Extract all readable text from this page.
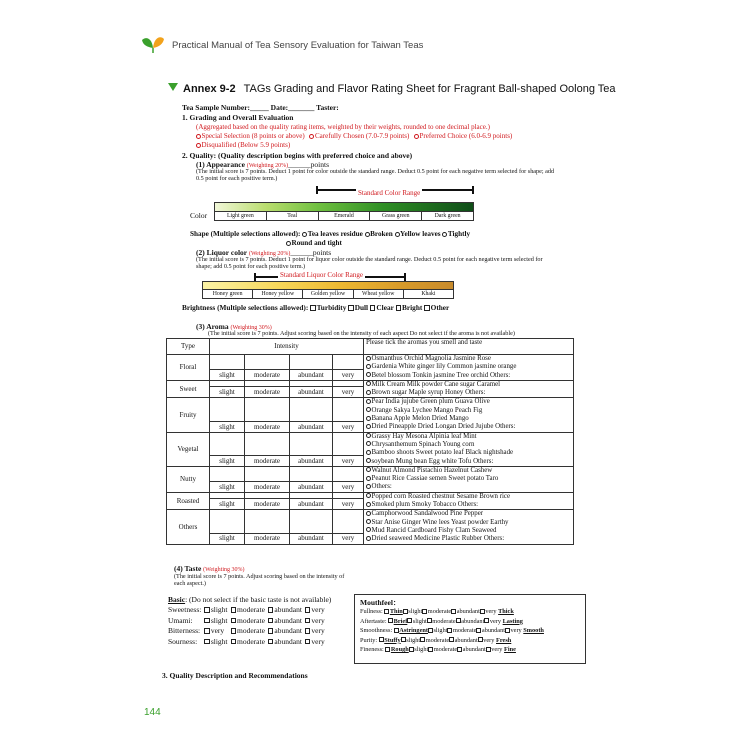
Practical Manual of Tea Sensory Evaluation for Taiwan Teas
Annex 9-2 TAGs Grading and Flavor Rating Sheet for Fragrant Ball-shaped Oolong Tea
Tea Sample Number:_____ Date:_______ Taster:
1. Grading and Overall Evaluation
(Aggregated based on the quality rating items, weighted by their weights, rounded to one decimal place.)
Special Selection (8 points or above) Carefully Chosen (7.0-7.9 points) Preferred Choice (6.0-6.9 points)
Disqualified (Below 5.9 points)
2. Quality: (Quality description begins with preferred choice and above)
(1) Appearance (Weighting 20%)______points
(The initial score is 7 points. Deduct 1 point for color outside the standard range. Deduct 0.5 point for each negative term selected for shape; add
0.5 point for each positive term.)
Standard Color Range
Light green	Teal	Emerald	Grass green	Dark green
Color
Shape (Multiple selections allowed): Tea leaves residue Broken Yellow leaves Tightly
Round and tight
(2) Liquor color (Weighting 20%)______points
(The initial score is 7 points. Deduct 1 point for liquor color outside the standard range. Deduct 0.5 point for each negative term selected for
shape; add 0.5 point for each positive term.)
Standard Liquor Color Range
Honey green	Honey yellow	Golden yellow	Wheat yellow	Khaki
Brightness (Multiple selections allowed): Turbidity Dull Clear Bright Other
(3) Aroma (Weighting 30%)
(The initial score is 7 points. Adjust scoring based on the intensity of each aspect Do not select if the aroma is not available)
Type	Intensity				Please tick the aromas you smell and taste
Floral					Osmanthus Orchid Magnolia Jasmine Rose
Gardenia White ginger lily Common jasmine orange
Betel blossom Tonkin jasmine Tree orchid Others:

	slight	moderate	abundant	very	
Sweet					Milk Cream Milk powder Cane sugar Caramel
Brown sugar Maple syrup Honey Others:

	slight	moderate	abundant	very	
Fruity					Pear India jujube Green plum Guava Olive
Orange Sakya Lychee Mango Peach Fig
Banana Apple Melon Dried Mango
Dried Pineapple Dried Longan Dried Jujube Others:

	slight	moderate	abundant	very	
Vegetal					Grassy Hay Mesona Alpinia leaf Mint
Chrysanthemum Spinach Young corn
Bamboo shoots Sweet potato leaf Black nightshade
soybean Mung bean Egg white Tofu Others:

	slight	moderate	abundant	very	
Nutty					Walnut Almond Pistachio Hazelnut Cashew
Peanut Rice Cassiae semen Sweet potato Taro
Others:

	slight	moderate	abundant	very	
Roasted					Popped corn Roasted chestnut Sesame Brown rice
Smoked plum Smoky Tobacco Others:

	slight	moderate	abundant	very	
Others					Camphorwood Sandalwood Pine Pepper
Star Anise Ginger Wine lees Yeast powder Earthy
Mud Rancid Cardboard Fishy Clam Seaweed
Dried seaweed Medicine Plastic Rubber Others:

	slight	moderate	abundant	very	
(4) Taste (Weighting 30%)
(The initial score is 7 points. Adjust scoring based on the intensity of
each aspect.)
Basic: (Do not select if the basic taste is not available)
Sweetness:	slight	moderate	abundant	very
Umami:	slight	moderate	abundant	very
Bitterness:	very	moderate	abundant	very
Sourness:	slight	moderate	abundant	very
Mouthfeel：
Fullness: Thin slight moderate abundant very Thick
Aftertaste: Brief slight moderate abundant very Lasting
Smoothness: Astringent slight moderate abundant very Smooth
Purity: Stuffy slight moderate abundant very Fresh
Fineness: Rough slight moderate abundant very Fine
3. Quality Description and Recommendations
144
